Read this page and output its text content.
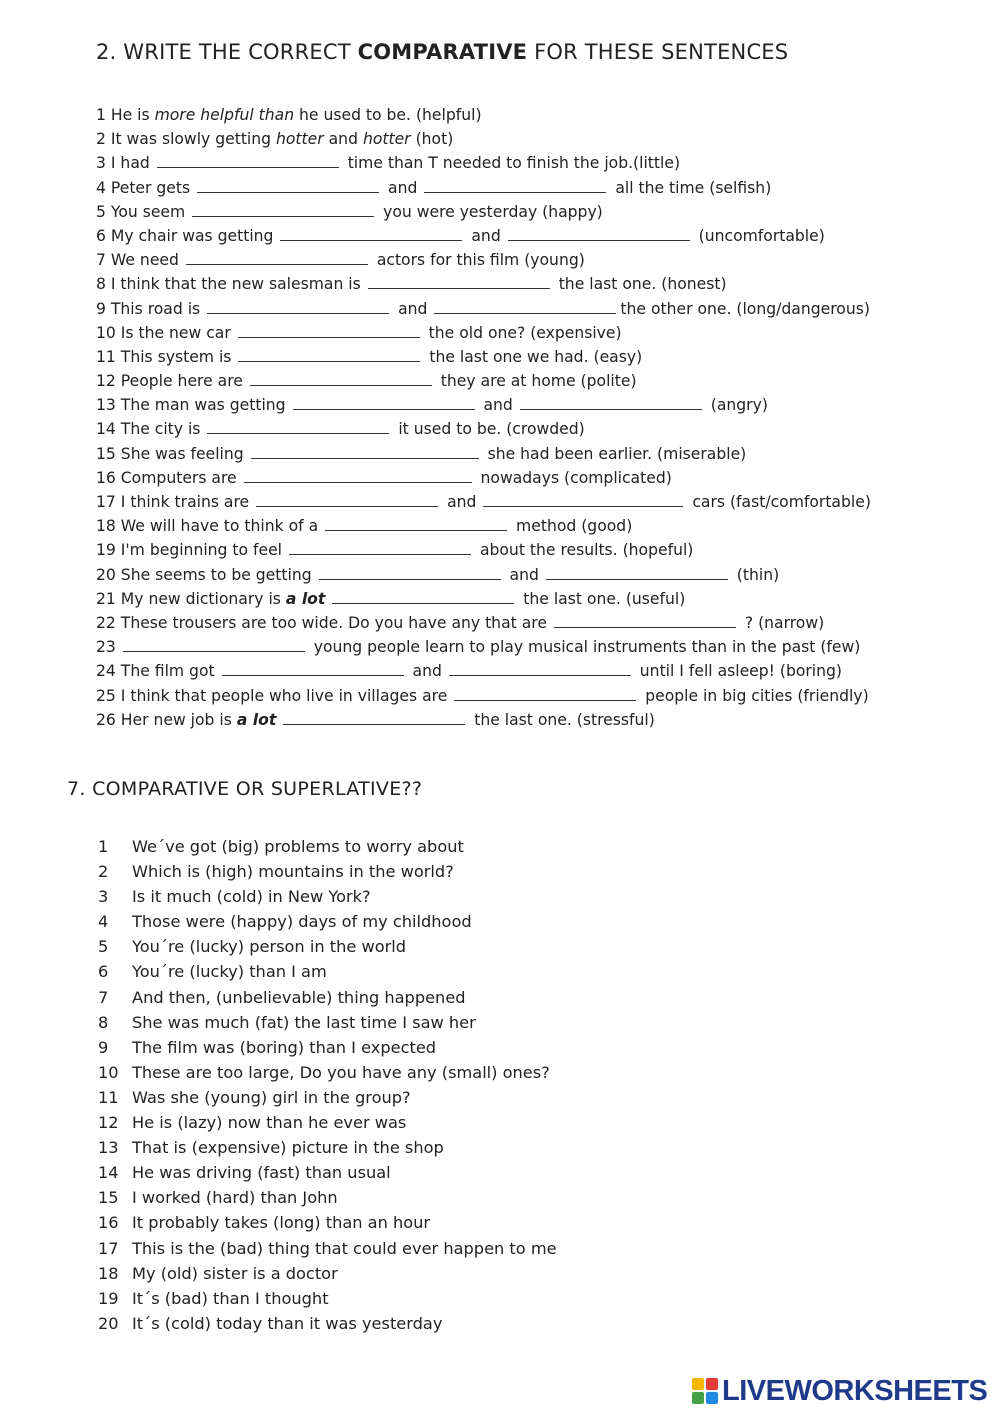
2. WRITE THE CORRECT COMPARATIVE FOR THESE SENTENCES
1 He is more helpful than he used to be. (helpful)
2 It was slowly getting hotter and hotter (hot)
3 I had	time than T needed to finish the job.(little)
4 Peter gets	and	all the time (selfish)
5 You seem	you were yesterday (happy)
6 My chair was getting	and	(uncomfortable)
7 We need	actors for this film (young)
8 I think that the new salesman is	the last one. (honest)
9 This road is	and	the other one. (long/dangerous)
10 Is the new car	the old one? (expensive)
11 This system is	the last one we had. (easy)
12 People here are	they are at home (polite)
13 The man was getting	and	(angry)
14 The city is	it used to be. (crowded)
15 She was feeling	she had been earlier. (miserable)
16 Computers are	nowadays (complicated)
17 I think trains are	and	cars (fast/comfortable)
18 We will have to think of a	method (good)
19 I'm beginning to feel	about the results. (hopeful)
20 She seems to be getting	and	(thin)
21 My new dictionary is a lot	the last one. (useful)
22 These trousers are too wide. Do you have any that are	? (narrow)
23	young people learn to play musical instruments than in the past (few)
24 The film got	and	until I fell asleep! (boring)
25 I think that people who live in villages are	people in big cities (friendly)
26 Her new job is a lot	the last one. (stressful)
7. COMPARATIVE OR SUPERLATIVE??
1 We´ve got (big) problems to worry about
2 Which is (high) mountains in the world?
3 Is it much (cold) in New York?
4 Those were (happy) days of my childhood
5 You´re (lucky) person in the world
6 You´re (lucky) than I am
7 And then, (unbelievable) thing happened
8 She was much (fat) the last time I saw her
9 The film was (boring) than I expected
10 These are too large, Do you have any (small) ones?
11 Was she (young) girl in the group?
12 He is (lazy) now than he ever was
13 That is (expensive) picture in the shop
14 He was driving (fast) than usual
15 I worked (hard) than John
16 It probably takes (long) than an hour
17 This is the (bad) thing that could ever happen to me
18 My (old) sister is a doctor
19 It´s (bad) than I thought
20 It´s (cold) today than it was yesterday
LIVEWORKSHEETS
